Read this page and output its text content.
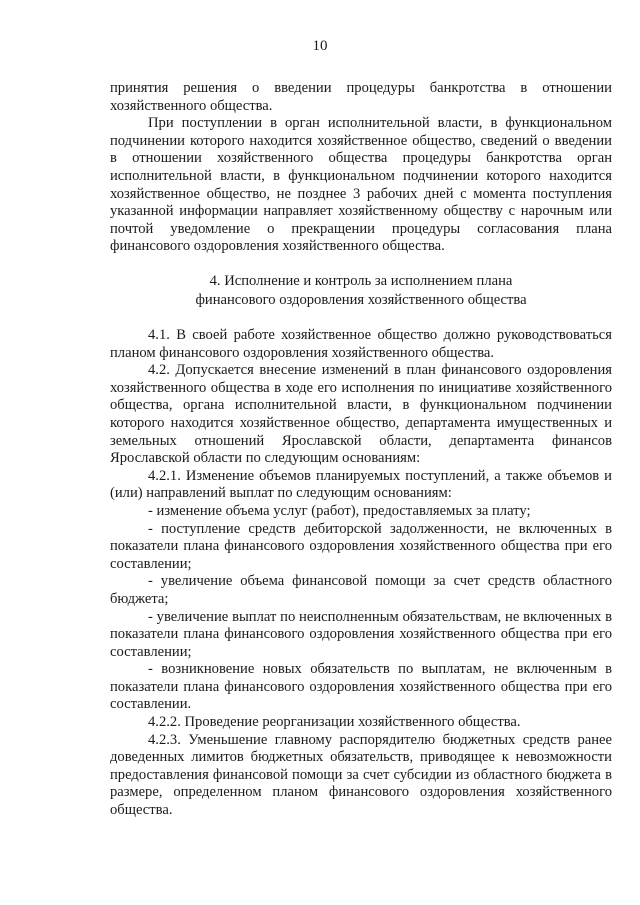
10

принятия решения о введении процедуры банкротства в отношении хозяйственного общества.

При поступлении в орган исполнительной власти, в функциональном подчинении которого находится хозяйственное общество, сведений о введении в отношении хозяйственного общества процедуры банкротства орган исполнительной власти, в функциональном подчинении которого находится хозяйственное общество, не позднее 3 рабочих дней с момента поступления указанной информации направляет хозяйственному обществу с нарочным или почтой уведомление о прекращении процедуры согласования плана финансового оздоровления хозяйственного общества.

4. Исполнение и контроль за исполнением плана
финансового оздоровления хозяйственного общества

4.1. В своей работе хозяйственное общество должно руководствоваться планом финансового оздоровления хозяйственного общества.

4.2. Допускается внесение изменений в план финансового оздоровления хозяйственного общества в ходе его исполнения по инициативе хозяйственного общества, органа исполнительной власти, в функциональном подчинении которого находится хозяйственное общество, департамента имущественных и земельных отношений Ярославской области, департамента финансов Ярославской области по следующим основаниям:

4.2.1. Изменение объемов планируемых поступлений, а также объемов и (или) направлений выплат по следующим основаниям:

- изменение объема услуг (работ), предоставляемых за плату;

- поступление средств дебиторской задолженности, не включенных в показатели плана финансового оздоровления хозяйственного общества при его составлении;

- увеличение объема финансовой помощи за счет средств областного бюджета;

- увеличение выплат по неисполненным обязательствам, не включенных в показатели плана финансового оздоровления хозяйственного общества при его составлении;

- возникновение новых обязательств по выплатам, не включенным в показатели плана финансового оздоровления хозяйственного общества при его составлении.

4.2.2. Проведение реорганизации хозяйственного общества.

4.2.3. Уменьшение главному распорядителю бюджетных средств ранее доведенных лимитов бюджетных обязательств, приводящее к невозможности предоставления финансовой помощи за счет субсидии из областного бюджета в размере, определенном планом финансового оздоровления хозяйственного общества.
